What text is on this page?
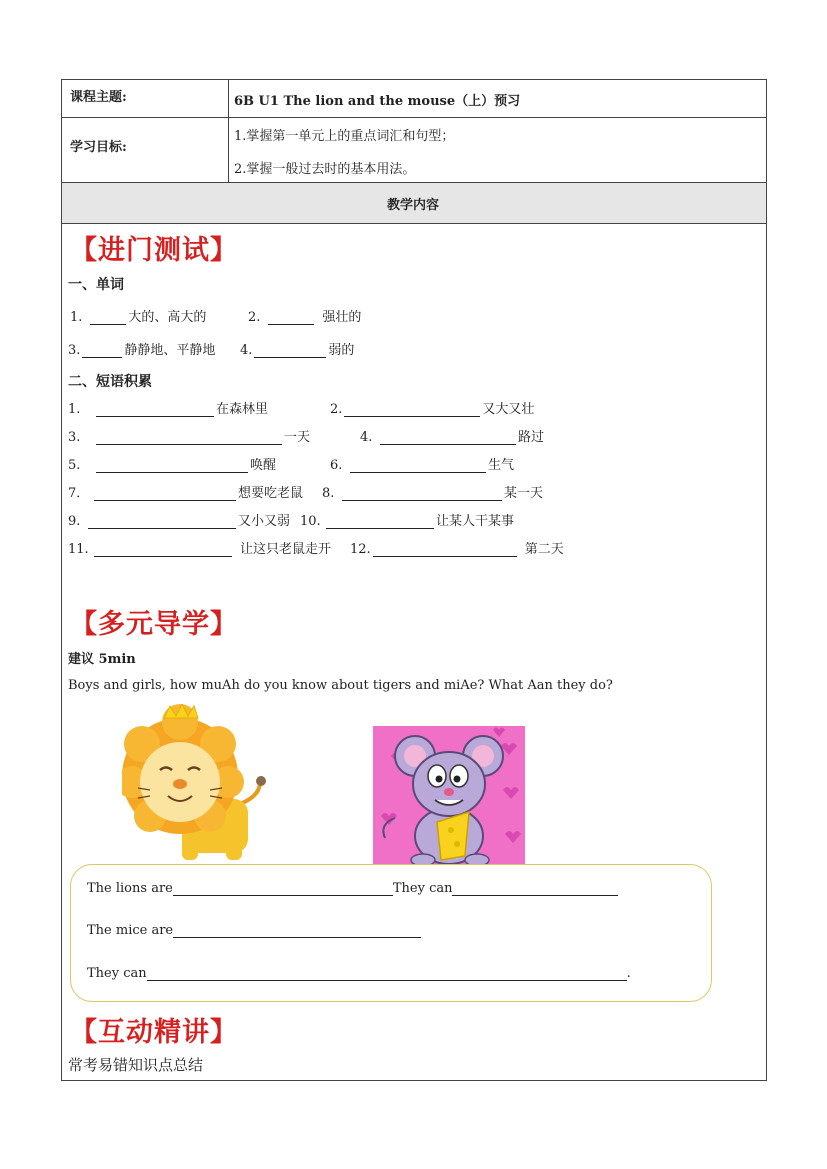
课程主题:	6B U1 The lion and the mouse（上）预习
学习目标:
1.掌握第一单元上的重点词汇和句型；
2.掌握一般过去时的基本用法。
教学内容
【进门测试】
一、单词
1.	大的、高大的	2.	强壮的
3.	静静地、平静地 4.	弱的
二、短语积累
1.	在森林里	2.	又大又壮
3.	一天	4.	路过
5.	唤醒	6.	生气
7．	想要吃老鼠 8.	某一天
9.	又小又弱 10.	让某人干某事
11.	让这只老鼠走开 12.	第二天
【多元导学】
建议 5min
Boys and girls, how muAh do you know about tigers and miAe? What Aan they do?
The lions are	They can
The mice are
They can	.
【互动精讲】
常考易错知识点总结
